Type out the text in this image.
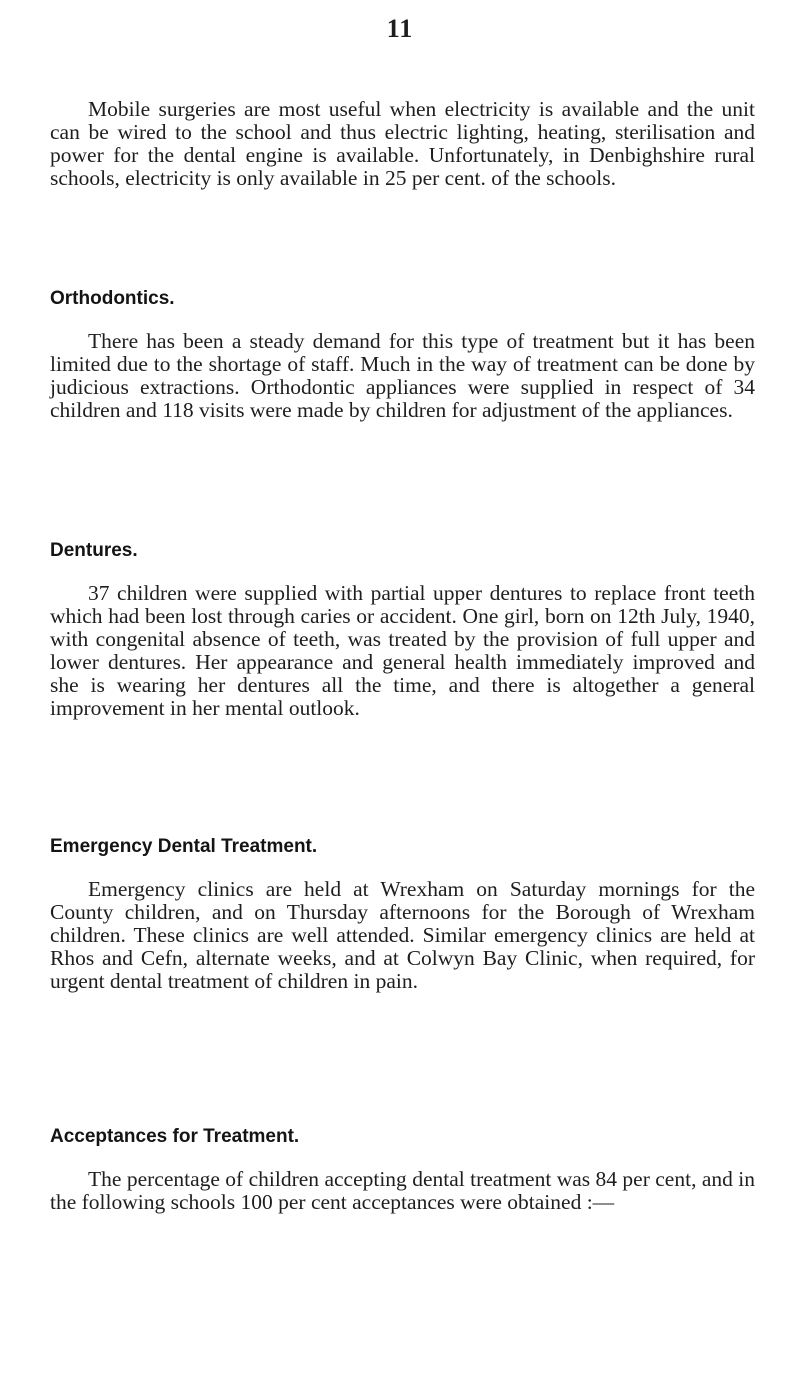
11

Mobile surgeries are most useful when electricity is available and the unit can be wired to the school and thus electric lighting, heating, sterilisation and power for the dental engine is available. Unfortunately, in Denbighshire rural schools, electricity is only available in 25 per cent. of the schools.

Orthodontics.

There has been a steady demand for this type of treatment but it has been limited due to the shortage of staff. Much in the way of treatment can be done by judicious extractions. Orthodontic appliances were supplied in respect of 34 children and 118 visits were made by children for adjustment of the appliances.

Dentures.

37 children were supplied with partial upper dentures to replace front teeth which had been lost through caries or accident. One girl, born on 12th July, 1940, with congenital absence of teeth, was treated by the provision of full upper and lower dentures. Her appearance and general health immediately improved and she is wearing her dentures all the time, and there is altogether a general improvement in her mental outlook.

Emergency Dental Treatment.

Emergency clinics are held at Wrexham on Saturday mornings for the County children, and on Thursday afternoons for the Borough of Wrexham children. These clinics are well attended. Similar emergency clinics are held at Rhos and Cefn, alternate weeks, and at Colwyn Bay Clinic, when required, for urgent dental treatment of children in pain.

Acceptances for Treatment.

The percentage of children accepting dental treatment was 84 per cent, and in the following schools 100 per cent acceptances were obtained :—
